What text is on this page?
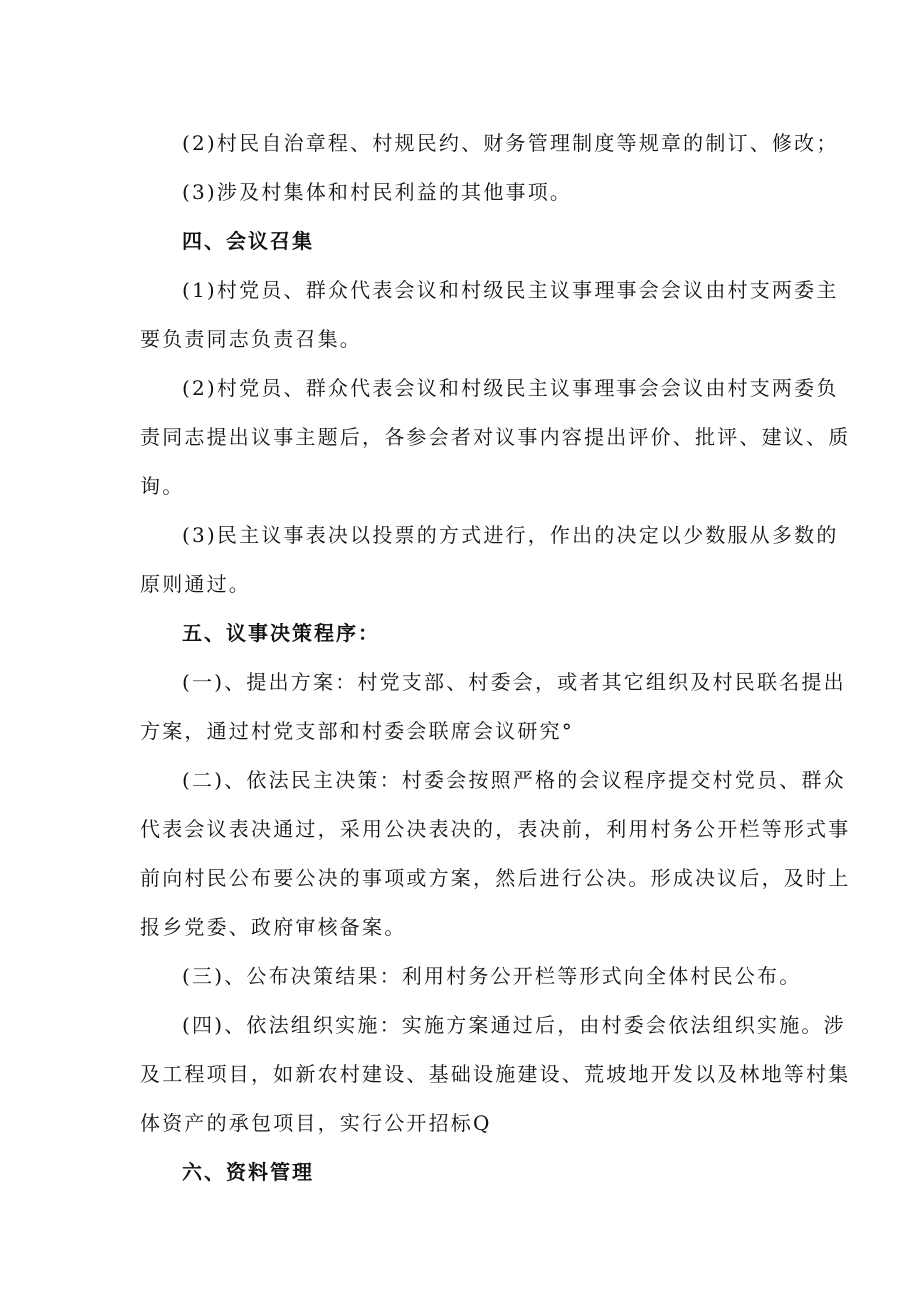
(2)村民自治章程、村规民约、财务管理制度等规章的制订、修改；
(3)涉及村集体和村民利益的其他事项。
四、会议召集
(1)村党员、群众代表会议和村级民主议事理事会会议由村支两委主
要负责同志负责召集。
(2)村党员、群众代表会议和村级民主议事理事会会议由村支两委负
责同志提出议事主题后，各参会者对议事内容提出评价、批评、建议、质
询。
(3)民主议事表决以投票的方式进行，作出的决定以少数服从多数的
原则通过。
五、议事决策程序：
(一)、提出方案：村党支部、村委会，或者其它组织及村民联名提出
方案，通过村党支部和村委会联席会议研究°
(二)、依法民主决策：村委会按照严格的会议程序提交村党员、群众
代表会议表决通过，采用公决表决的，表决前，利用村务公开栏等形式事
前向村民公布要公决的事项或方案，然后进行公决。形成决议后，及时上
报乡党委、政府审核备案。
(三)、公布决策结果：利用村务公开栏等形式向全体村民公布。
(四)、依法组织实施：实施方案通过后，由村委会依法组织实施。涉
及工程项目，如新农村建设、基础设施建设、荒坡地开发以及林地等村集
体资产的承包项目，实行公开招标Q
六、资料管理
